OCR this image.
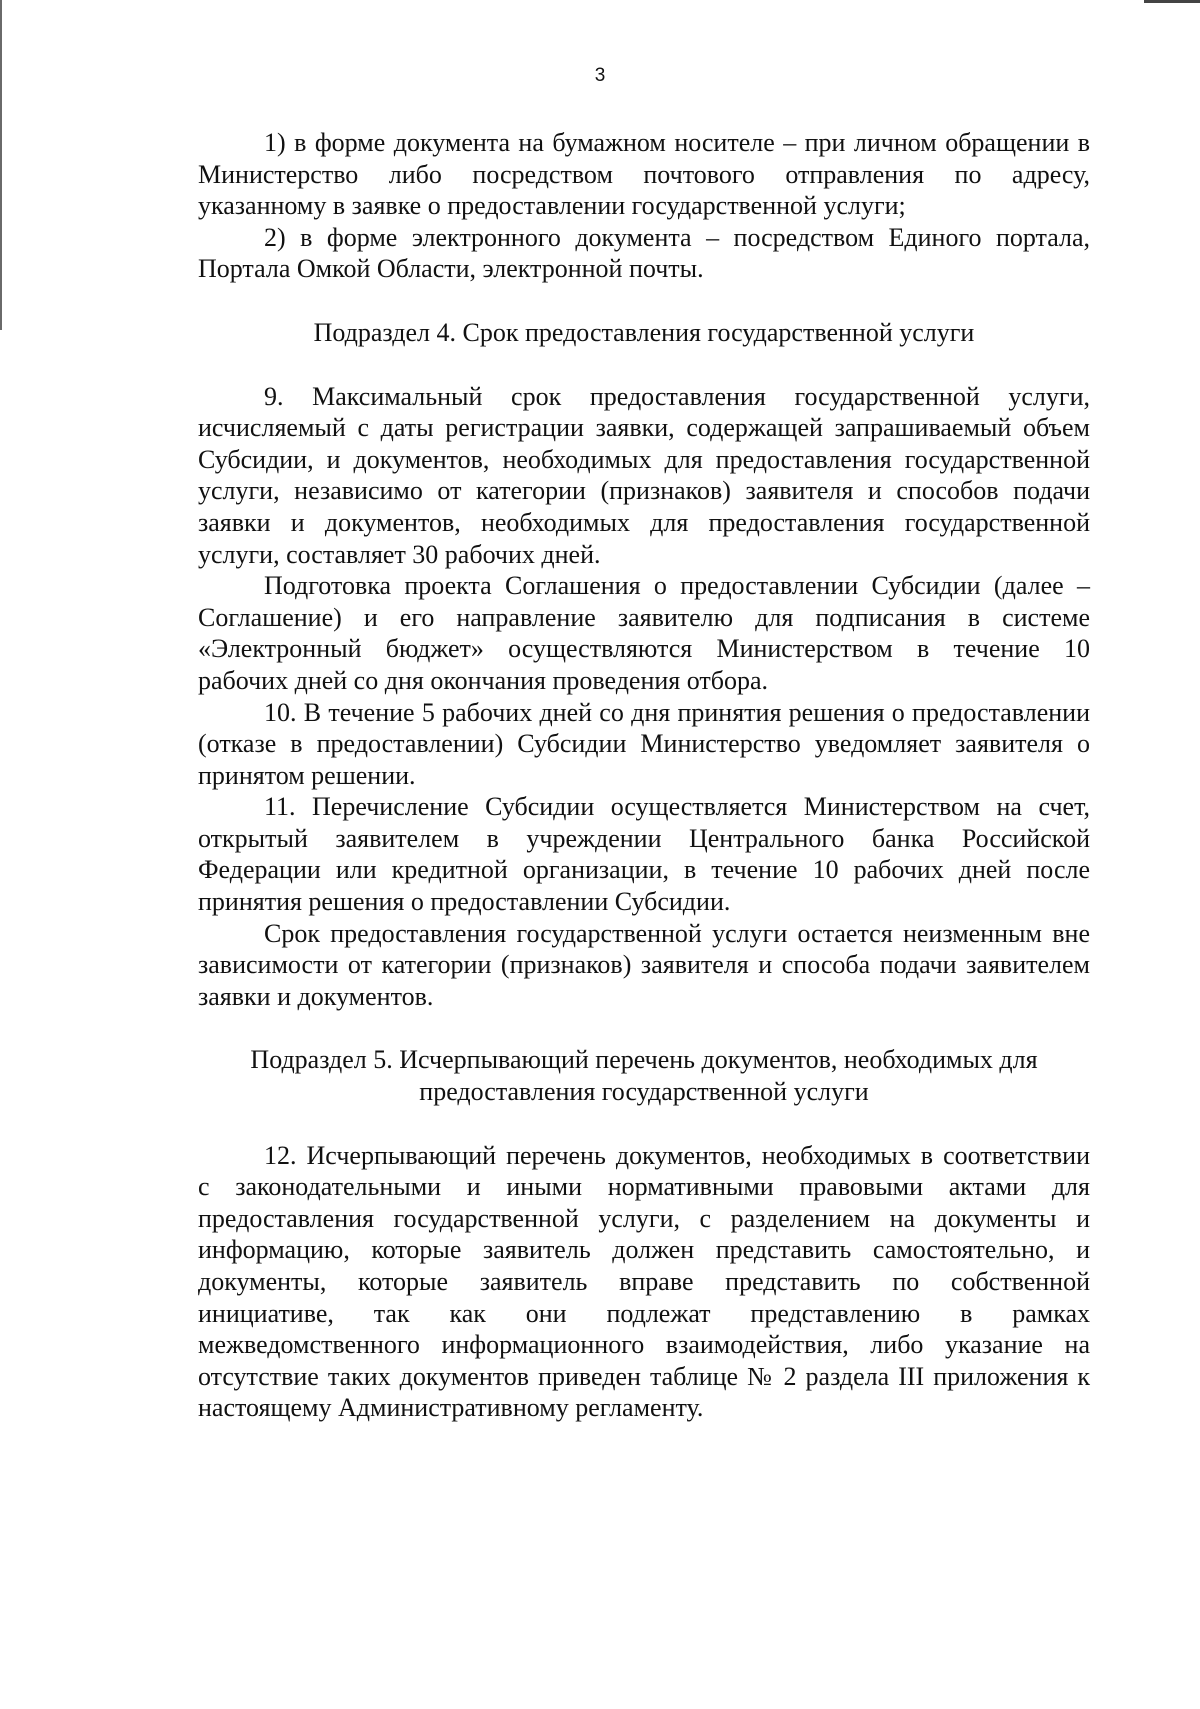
3
1) в форме документа на бумажном носителе – при личном обращении в
Министерство либо посредством почтового отправления по адресу,
указанному в заявке о предоставлении государственной услуги;
2) в форме электронного документа – посредством Единого портала,
Портала Омкой Области, электронной почты.
Подраздел 4. Срок предоставления государственной услуги
9. Максимальный срок предоставления государственной услуги,
исчисляемый с даты регистрации заявки, содержащей запрашиваемый объем
Субсидии, и документов, необходимых для предоставления государственной
услуги, независимо от категории (признаков) заявителя и способов подачи
заявки и документов, необходимых для предоставления государственной
услуги, составляет 30 рабочих дней.
Подготовка проекта Соглашения о предоставлении Субсидии (далее –
Соглашение) и его направление заявителю для подписания в системе
«Электронный бюджет» осуществляются Министерством в течение 10
рабочих дней со дня окончания проведения отбора.
10. В течение 5 рабочих дней со дня принятия решения о предоставлении
(отказе в предоставлении) Субсидии Министерство уведомляет заявителя о
принятом решении.
11. Перечисление Субсидии осуществляется Министерством на счет,
открытый заявителем в учреждении Центрального банка Российской
Федерации или кредитной организации, в течение 10 рабочих дней после
принятия решения о предоставлении Субсидии.
Срок предоставления государственной услуги остается неизменным вне
зависимости от категории (признаков) заявителя и способа подачи заявителем
заявки и документов.
Подраздел 5. Исчерпывающий перечень документов, необходимых для
предоставления государственной услуги
12. Исчерпывающий перечень документов, необходимых в соответствии
с законодательными и иными нормативными правовыми актами для
предоставления государственной услуги, с разделением на документы и
информацию, которые заявитель должен представить самостоятельно, и
документы, которые заявитель вправе представить по собственной
инициативе, так как они подлежат представлению в рамках
межведомственного информационного взаимодействия, либо указание на
отсутствие таких документов приведен таблице № 2 раздела III приложения к
настоящему Административному регламенту.
